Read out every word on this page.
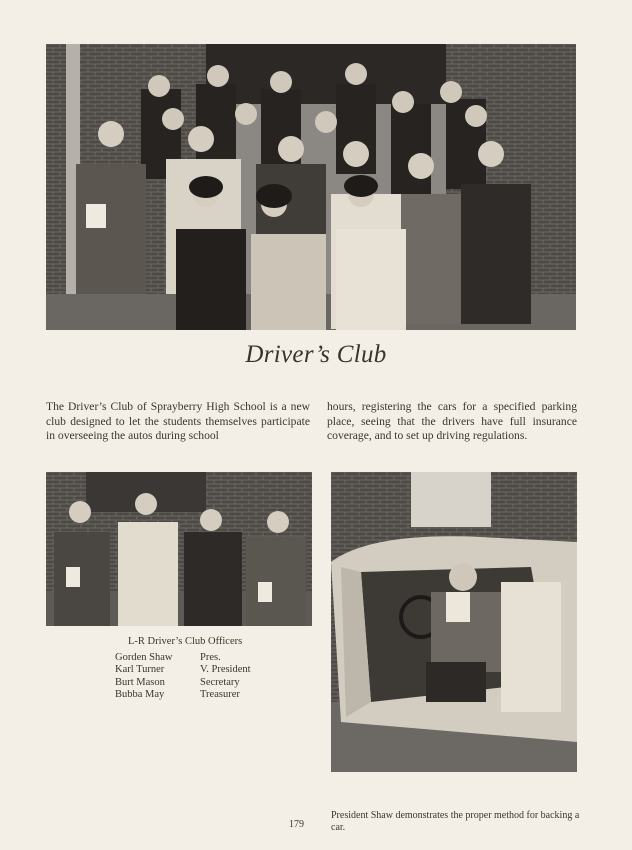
Driver’s Club
The Driver’s Club of Sprayberry High School is a new club designed to let the students themselves participate in overseeing the autos during school
hours, registering the cars for a specified parking place, seeing that the drivers have full insurance coverage, and to set up driving regulations.
L-R Driver’s Club Officers
Gorden Shaw	Pres.
Karl Turner	V. President
Burt Mason	Secretary
Bubba May	Treasurer
179
President Shaw demonstrates the proper method for backing a car.
